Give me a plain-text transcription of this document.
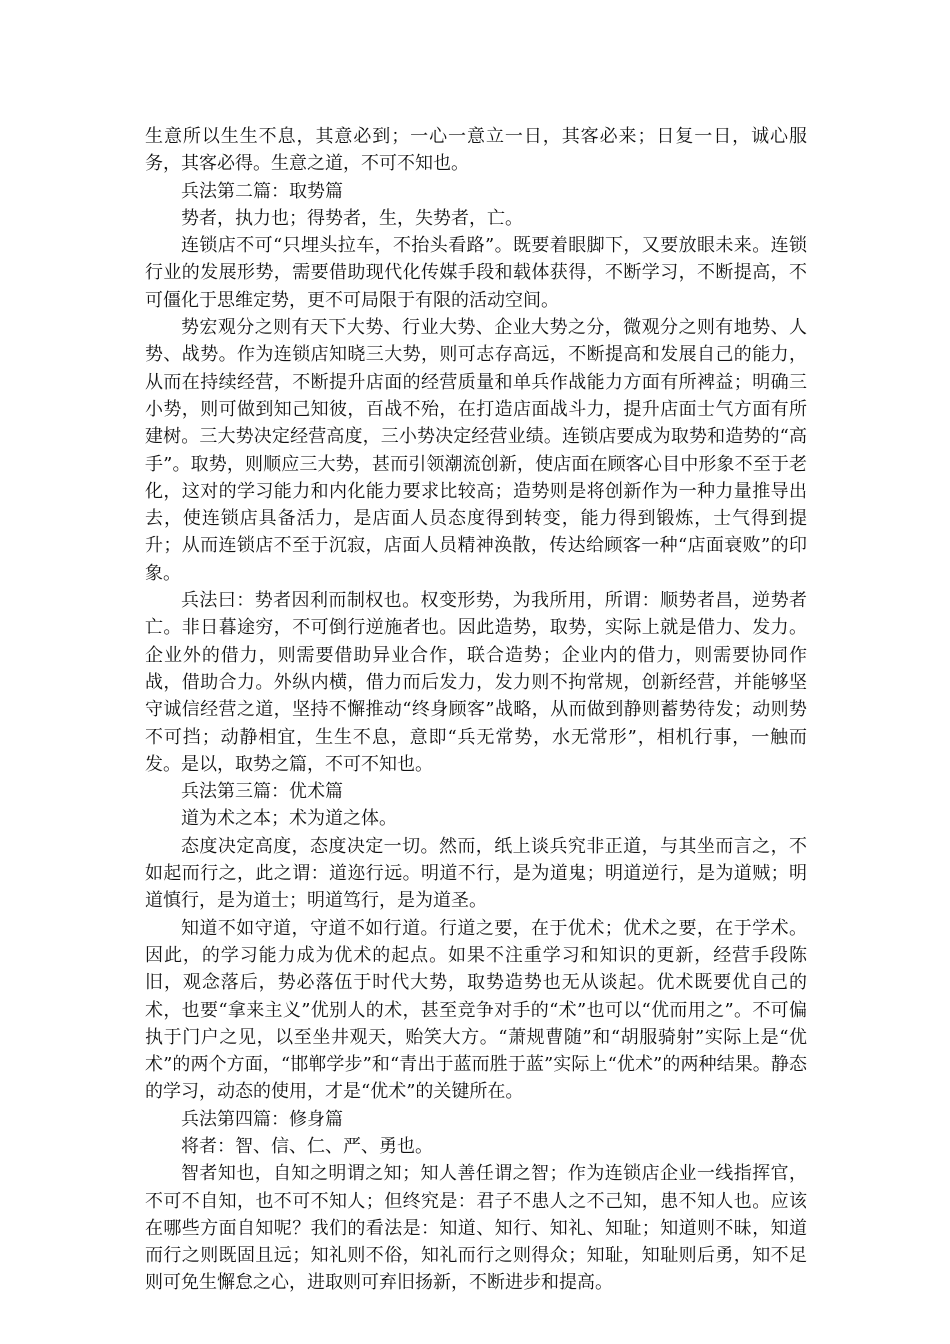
生意所以生生不息，其意必到；一心一意立一日，其客必来；日复一日，诚心服务，其客必得。生意之道，不可不知也。

兵法第二篇：取势篇

势者，执力也；得势者，生，失势者，亡。

连锁店不可“只埋头拉车，不抬头看路”。既要着眼脚下，又要放眼未来。连锁行业的发展形势，需要借助现代化传媒手段和载体获得，不断学习，不断提高，不可僵化于思维定势，更不可局限于有限的活动空间。

势宏观分之则有天下大势、行业大势、企业大势之分，微观分之则有地势、人势、战势。作为连锁店知晓三大势，则可志存高远，不断提高和发展自己的能力，从而在持续经营，不断提升店面的经营质量和单兵作战能力方面有所裨益；明确三小势，则可做到知己知彼，百战不殆，在打造店面战斗力，提升店面士气方面有所建树。三大势决定经营高度，三小势决定经营业绩。连锁店要成为取势和造势的“高手”。取势，则顺应三大势，甚而引领潮流创新，使店面在顾客心目中形象不至于老化，这对的学习能力和内化能力要求比较高；造势则是将创新作为一种力量推导出去，使连锁店具备活力，是店面人员态度得到转变，能力得到锻炼，士气得到提升；从而连锁店不至于沉寂，店面人员精神涣散，传达给顾客一种“店面衰败”的印象。

兵法曰：势者因利而制权也。权变形势，为我所用，所谓：顺势者昌，逆势者亡。非日暮途穷，不可倒行逆施者也。因此造势，取势，实际上就是借力、发力。企业外的借力，则需要借助异业合作，联合造势；企业内的借力，则需要协同作战，借助合力。外纵内横，借力而后发力，发力则不拘常规，创新经营，并能够坚守诚信经营之道，坚持不懈推动“终身顾客”战略，从而做到静则蓄势待发；动则势不可挡；动静相宜，生生不息，意即“兵无常势，水无常形”，相机行事，一触而发。是以，取势之篇，不可不知也。

兵法第三篇：优术篇

道为术之本；术为道之体。

态度决定高度，态度决定一切。然而，纸上谈兵究非正道，与其坐而言之，不如起而行之，此之谓：道迩行远。明道不行，是为道鬼；明道逆行，是为道贼；明道慎行，是为道士；明道笃行，是为道圣。

知道不如守道，守道不如行道。行道之要，在于优术；优术之要，在于学术。因此，的学习能力成为优术的起点。如果不注重学习和知识的更新，经营手段陈旧，观念落后，势必落伍于时代大势，取势造势也无从谈起。优术既要优自己的术，也要“拿来主义”优别人的术，甚至竞争对手的“术”也可以“优而用之”。不可偏执于门户之见，以至坐井观天，贻笑大方。“萧规曹随”和“胡服骑射”实际上是“优术”的两个方面，“邯郸学步”和“青出于蓝而胜于蓝”实际上“优术”的两种结果。静态的学习，动态的使用，才是“优术”的关键所在。

兵法第四篇：修身篇

将者：智、信、仁、严、勇也。

智者知也，自知之明谓之知；知人善任谓之智；作为连锁店企业一线指挥官，不可不自知，也不可不知人；但终究是：君子不患人之不己知，患不知人也。应该在哪些方面自知呢？我们的看法是：知道、知行、知礼、知耻；知道则不昧，知道而行之则既固且远；知礼则不俗，知礼而行之则得众；知耻，知耻则后勇，知不足则可免生懈怠之心，进取则可弃旧扬新，不断进步和提高。
